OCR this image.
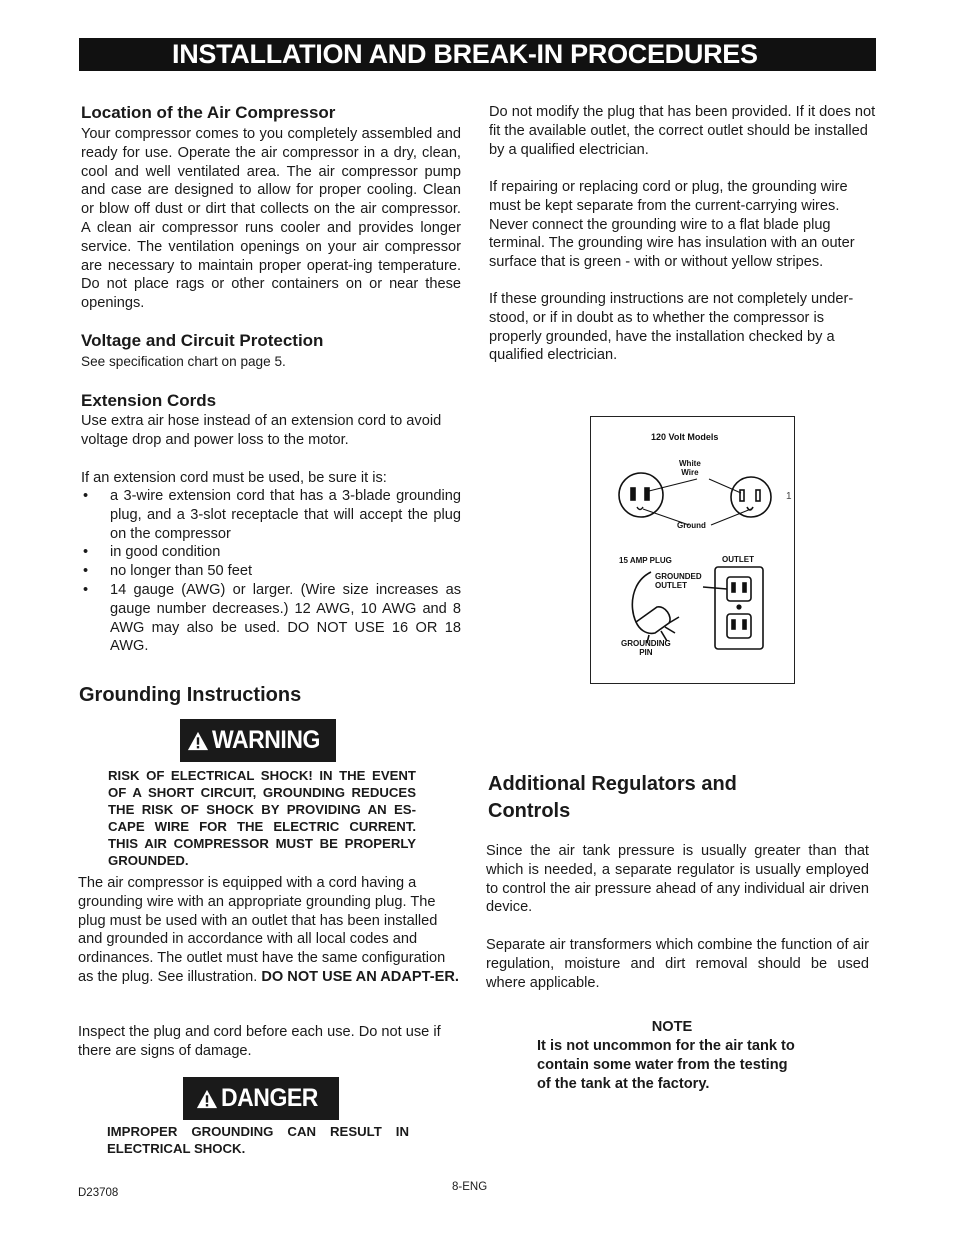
INSTALLATION AND BREAK-IN PROCEDURES
Location of the Air Compressor
Your compressor comes to you completely assembled and ready for use. Operate the air compressor in a dry, clean, cool and well ventilated area. The air compressor pump and case are designed to allow for proper cooling. Clean or blow off dust or dirt that collects on the air compressor. A clean air compressor runs cooler and provides longer service. The ventilation openings on your air compressor are necessary to maintain proper operat-ing temperature. Do not place rags or other containers on or near these openings.
Voltage and Circuit Protection
See specification chart on page 5.
Extension Cords
Use extra air hose instead of an extension cord to avoid voltage drop and power loss to the motor.
If an extension cord must be used, be sure it is:
• a 3-wire extension cord that has a 3-blade grounding plug, and a 3-slot receptacle that will accept the plug on the compressor
• in good condition
• no longer than 50 feet
• 14 gauge (AWG) or larger. (Wire size increases as gauge number decreases.) 12 AWG, 10 AWG and 8 AWG may also be used. DO NOT USE 16 OR 18 AWG.
Grounding Instructions
WARNING
RISK OF ELECTRICAL SHOCK! IN THE EVENT OF A SHORT CIRCUIT, GROUNDING REDUCES THE RISK OF SHOCK BY PROVIDING AN ES-CAPE WIRE FOR THE ELECTRIC CURRENT. THIS AIR COMPRESSOR MUST BE PROPERLY GROUNDED.
The air compressor is equipped with a cord having a grounding wire with an appropriate grounding plug. The plug must be used with an outlet that has been installed and grounded in accordance with all local codes and ordinances. The outlet must have the same configuration as the plug. See illustration. DO NOT USE AN ADAPT-ER.
Inspect the plug and cord before each use. Do not use if there are signs of damage.
DANGER
IMPROPER GROUNDING CAN RESULT IN ELECTRICAL SHOCK.
Do not modify the plug that has been provided. If it does not fit the available outlet, the correct outlet should be installed by a qualified electrician.
If repairing or replacing cord or plug, the grounding wire must be kept separate from the current-carrying wires. Never connect the grounding wire to a flat blade plug terminal. The grounding wire has insulation with an outer surface that is green - with or without yellow stripes.
If these grounding instructions are not completely under-stood, or if in doubt as to whether the compressor is properly grounded, have the installation checked by a qualified electrician.
120 Volt Models
White
Wire
Ground
15 AMP PLUG	OUTLET
GROUNDED
OUTLET
GROUNDING
PIN
1
Additional Regulators and Controls
Since the air tank pressure is usually greater than that which is needed, a separate regulator is usually employed to control the air pressure ahead of any individual air driven device.
Separate air transformers which combine the function of air regulation, moisture and dirt removal should be used where applicable.
NOTE
It is not uncommon for the air tank to contain some water from the testing of the tank at the factory.
D23708	8-ENG
